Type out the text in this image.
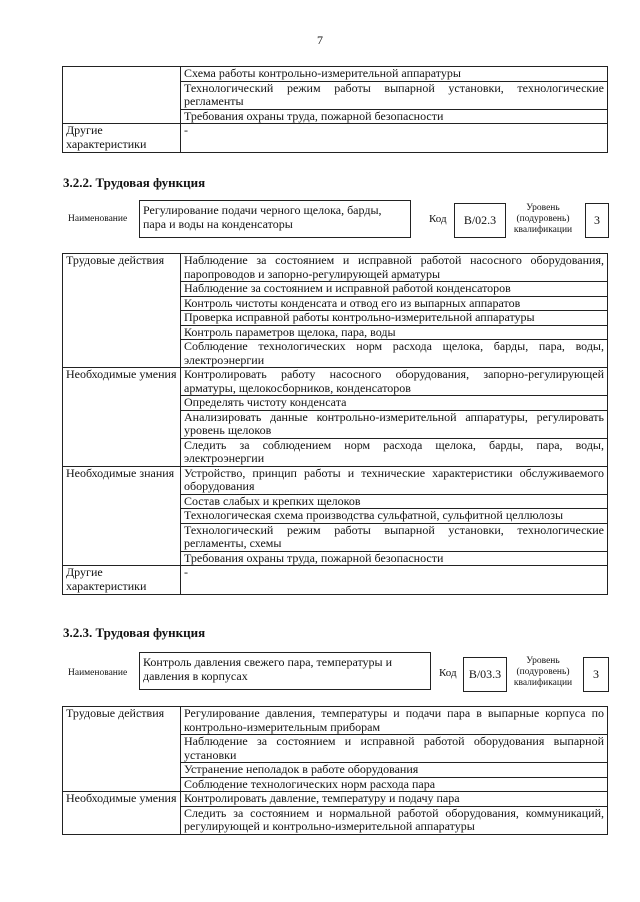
7
	Схема работы контрольно-измерительной аппаратуры
	Технологический режим работы выпарной установки, технологические регламенты
	Требования охраны труда, пожарной безопасности
Другие характеристики	-
3.2.2. Трудовая функция
Наименование
Регулирование подачи черного щелока, барды, пара и воды на конденсаторы	Код	B/02.3
Уровень (подуровень) квалификации
3
Трудовые действия	Наблюдение за состоянием и исправной работой насосного оборудования, паропроводов и запорно-регулирующей арматуры
	Наблюдение за состоянием и исправной работой конденсаторов
	Контроль чистоты конденсата и отвод его из выпарных аппаратов
	Проверка исправной работы контрольно-измерительной аппаратуры
	Контроль параметров щелока, пара, воды
	Соблюдение технологических норм расхода щелока, барды, пара, воды, электроэнергии
Необходимые умения	Контролировать работу насосного оборудования, запорно-регулирующей арматуры, щелокосборников, конденсаторов
	Определять чистоту конденсата
	Анализировать данные контрольно-измерительной аппаратуры, регулировать уровень щелоков
	Следить за соблюдением норм расхода щелока, барды, пара, воды, электроэнергии
Необходимые знания	Устройство, принцип работы и технические характеристики обслуживаемого оборудования
	Состав слабых и крепких щелоков
	Технологическая схема производства сульфатной, сульфитной целлюлозы
	Технологический режим работы выпарной установки, технологические регламенты, схемы
	Требования охраны труда, пожарной безопасности
Другие характеристики	-
3.2.3. Трудовая функция
Наименование
Контроль давления свежего пара, температуры и давления в корпусах	Код	B/03.3
Уровень (подуровень) квалификации
3
Трудовые действия	Регулирование давления, температуры и подачи пара в выпарные корпуса по контрольно-измерительным приборам
	Наблюдение за состоянием и исправной работой оборудования выпарной установки
	Устранение неполадок в работе оборудования
	Соблюдение технологических норм расхода пара
Необходимые умения	Контролировать давление, температуру и подачу пара
	Следить за состоянием и нормальной работой оборудования, коммуникаций, регулирующей и контрольно-измерительной аппаратуры
